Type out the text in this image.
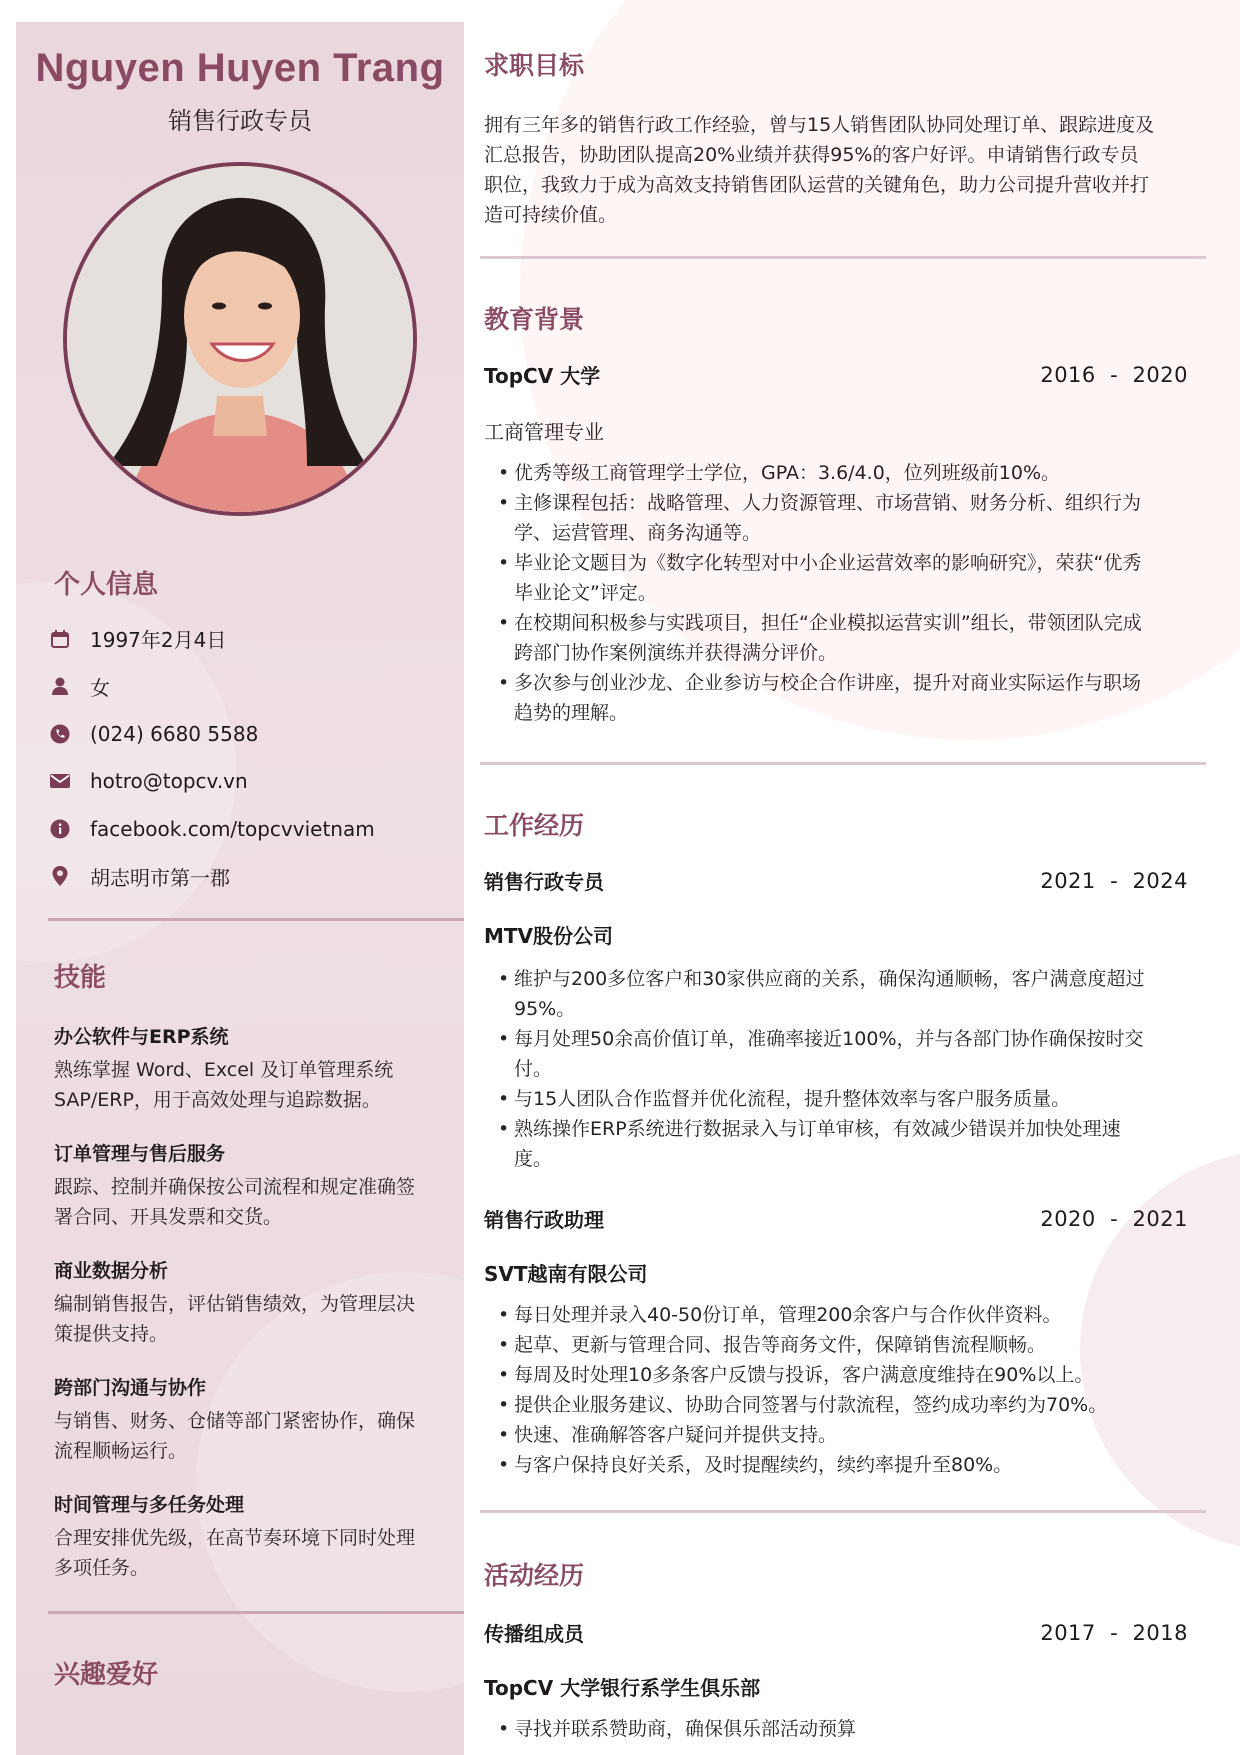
Nguyen Huyen Trang
销售行政专员
个人信息
1997年2月4日
女
(024) 6680 5588
hotro@topcv.vn
facebook.com/topcvvietnam
胡志明市第一郡
技能
办公软件与ERP系统
熟练掌握 Word、Excel 及订单管理系统
SAP/ERP，用于高效处理与追踪数据。
订单管理与售后服务
跟踪、控制并确保按公司流程和规定准确签
署合同、开具发票和交货。
商业数据分析
编制销售报告，评估销售绩效，为管理层决
策提供支持。
跨部门沟通与协作
与销售、财务、仓储等部门紧密协作，确保
流程顺畅运行。
时间管理与多任务处理
合理安排优先级，在高节奏环境下同时处理
多项任务。
兴趣爱好
求职目标
拥有三年多的销售行政工作经验，曾与15人销售团队协同处理订单、跟踪进度及
汇总报告，协助团队提高20%业绩并获得95%的客户好评。申请销售行政专员
职位，我致力于成为高效支持销售团队运营的关键角色，助力公司提升营收并打
造可持续价值。
教育背景
TopCV 大学	2016  -  2020
工商管理专业
• 优秀等级工商管理学士学位，GPA：3.6/4.0，位列班级前10%。
• 主修课程包括：战略管理、人力资源管理、市场营销、财务分析、组织行为
学、运营管理、商务沟通等。
• 毕业论文题目为《数字化转型对中小企业运营效率的影响研究》，荣获“优秀
毕业论文”评定。
• 在校期间积极参与实践项目，担任“企业模拟运营实训”组长，带领团队完成
跨部门协作案例演练并获得满分评价。
• 多次参与创业沙龙、企业参访与校企合作讲座，提升对商业实际运作与职场
趋势的理解。
工作经历
销售行政专员	2021  -  2024
MTV股份公司
• 维护与200多位客户和30家供应商的关系，确保沟通顺畅，客户满意度超过
95%。
• 每月处理50余高价值订单，准确率接近100%，并与各部门协作确保按时交
付。
• 与15人团队合作监督并优化流程，提升整体效率与客户服务质量。
• 熟练操作ERP系统进行数据录入与订单审核，有效减少错误并加快处理速
度。
销售行政助理	2020  -  2021
SVT越南有限公司
• 每日处理并录入40-50份订单，管理200余客户与合作伙伴资料。
• 起草、更新与管理合同、报告等商务文件，保障销售流程顺畅。
• 每周及时处理10多条客户反馈与投诉，客户满意度维持在90%以上。
• 提供企业服务建议、协助合同签署与付款流程，签约成功率约为70%。
• 快速、准确解答客户疑问并提供支持。
• 与客户保持良好关系，及时提醒续约，续约率提升至80%。
活动经历
传播组成员	2017  -  2018
TopCV 大学银行系学生俱乐部
• 寻找并联系赞助商，确保俱乐部活动预算
